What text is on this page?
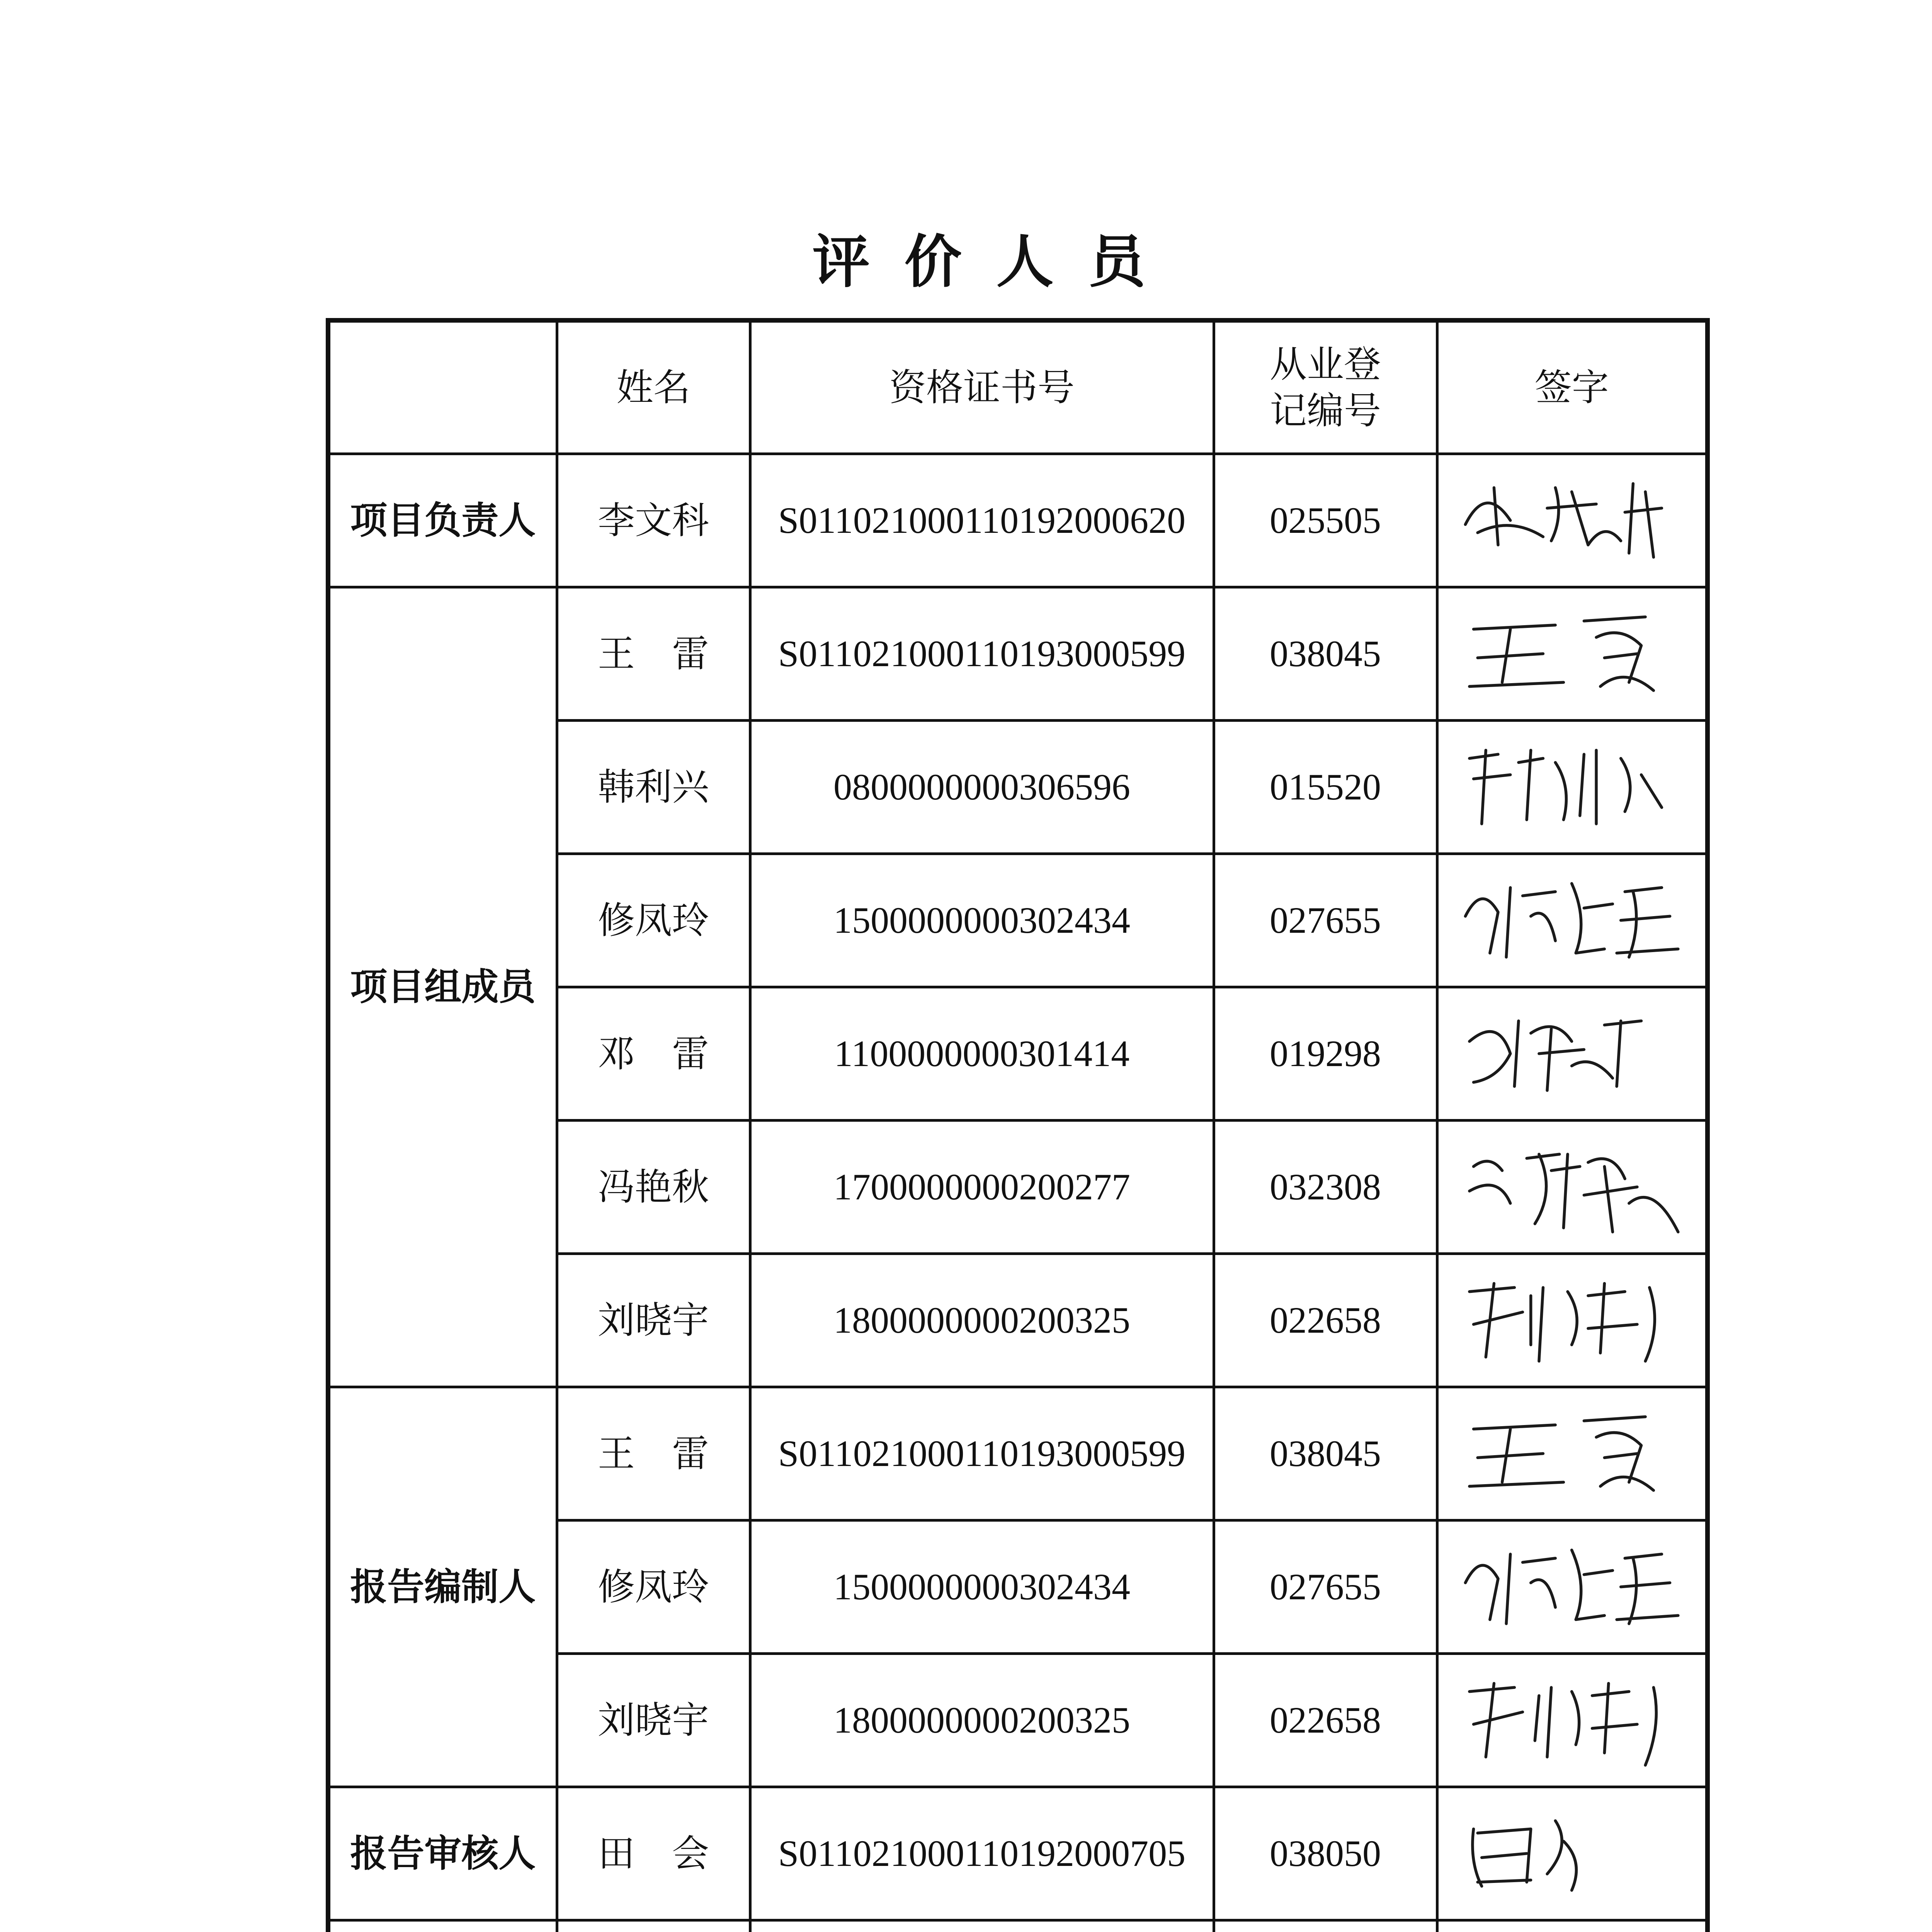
评价人员
	姓名	资格证书号	从业登记编号	签字
项目负责人	李文科	S011021000110192000620	025505	

项目组成员	王　雷	S011021000110193000599	038045	

	韩利兴	0800000000306596	015520	

	修凤玲	1500000000302434	027655	

	邓　雷	1100000000301414	019298	

	冯艳秋	1700000000200277	032308	

	刘晓宇	1800000000200325	022658	

报告编制人	王　雷	S011021000110193000599	038045	

	修凤玲	1500000000302434	027655	

	刘晓宇	1800000000200325	022658	

报告审核人	田　会	S011021000110192000705	038050	
